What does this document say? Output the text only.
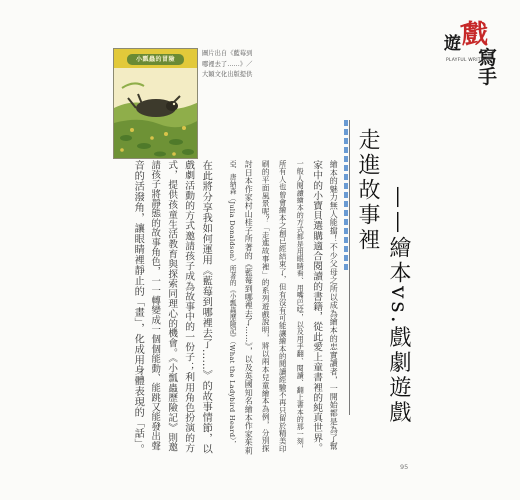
遊 戲
寫手
PLAYFUL WRITING
小瓢蟲的冒險
圖片出自《藍莓到
哪裡去了……》／
大穎文化出版提供
走進故事裡 ——繪本vs.戲劇遊戲
繪本的魅力無人能擋！不少父母之所以成為繪本的忠實讀者，一開始都是為了幫
家中的小寶貝選購適合閱讀的書籍，從此愛上童書裡的純真世界。
一般人閱讀繪本的方式都是用眼睛看、用嘴巴唸，以及用手翻、閱讀、翻上書本的那一刻，
所有人也曾會繪本之創已經結束了，但有沒有可能讓繪本的閱讀經驗不再只留於精美印
刷的平面風景呢？「走進故事裡」的系列遊戲說明，將以兩本兒童繪本為例，分別探
討日本作家村山桂子所著的《藍莓到哪裡去了……》，以及英國知名繪本作家茱莉
亞．唐納森（Julia Donaldson）所著的《小瓢蟲歷險記》（What the Ladybird Heard），
在此將分享我如何運用《藍莓到哪裡去了……》的故事情節，以
戲劇活動的方式邀請孩子成為故事中的一份子；利用角色扮演的方
式，提供孩童生活教育與探索同理心的機會。《小瓢蟲歷險記》則邀
請孩子將靜態的故事角色，一一轉變成一個個能動、能跳又能發出聲
音的活潑角，讓眼睛裡靜止的「畫」，化成用身體表現的「話」。
95
